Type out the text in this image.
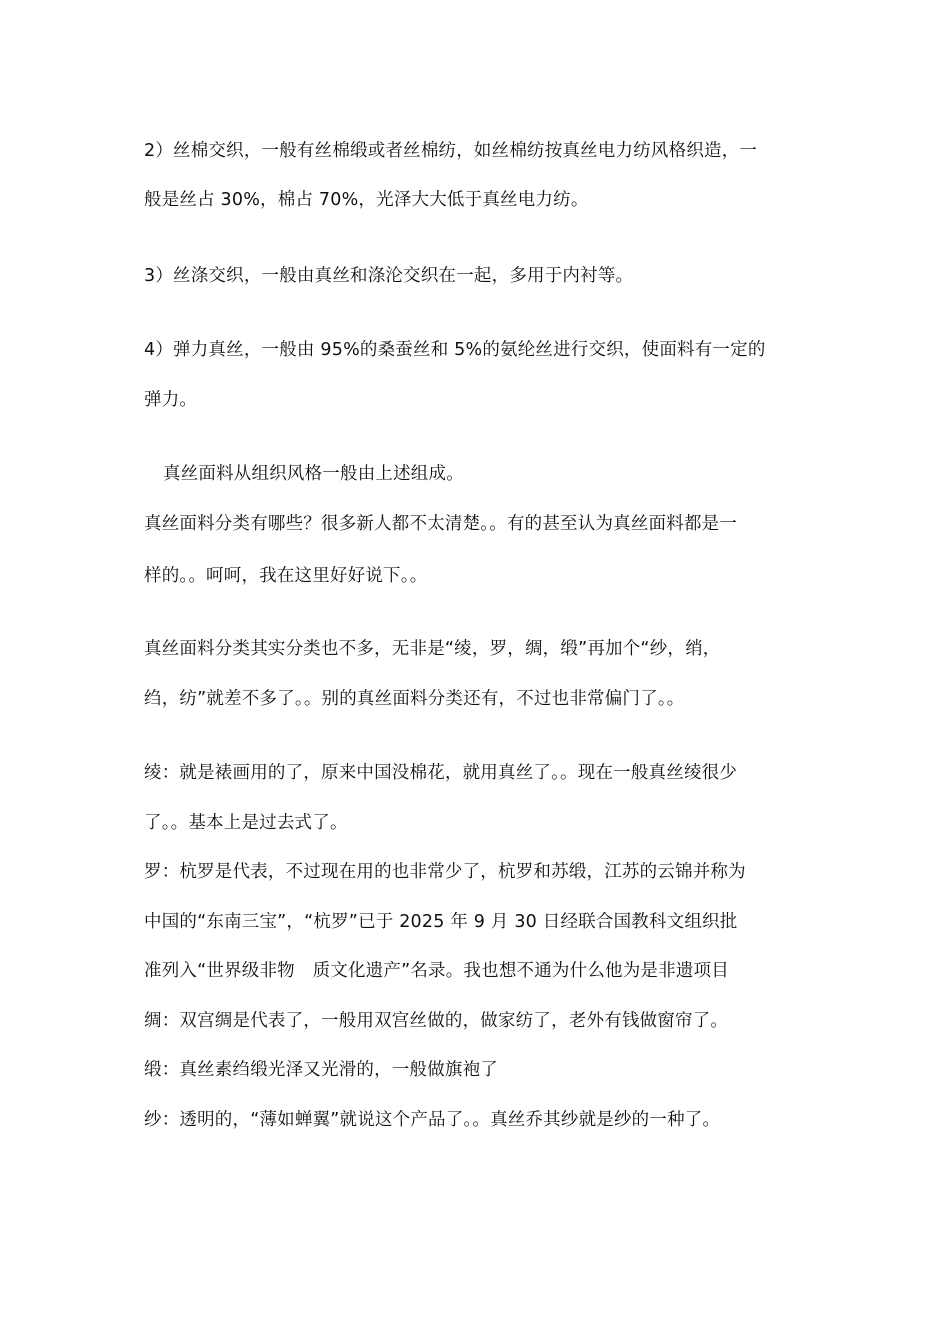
2）丝棉交织，一般有丝棉缎或者丝棉纺，如丝棉纺按真丝电力纺风格织造，一
般是丝占 30%，棉占 70%，光泽大大低于真丝电力纺。
3）丝涤交织，一般由真丝和涤沦交织在一起，多用于内衬等。
4）弹力真丝，一般由 95%的桑蚕丝和 5%的氨纶丝进行交织，使面料有一定的
弹力。
真丝面料从组织风格一般由上述组成。
真丝面料分类有哪些？很多新人都不太清楚。。有的甚至认为真丝面料都是一
样的。。呵呵，我在这里好好说下。。
真丝面料分类其实分类也不多，无非是“绫，罗，绸，缎”再加个“纱，绡，
绉，纺”就差不多了。。别的真丝面料分类还有，不过也非常偏门了。。
绫：就是裱画用的了，原来中国没棉花，就用真丝了。。现在一般真丝绫很少
了。。基本上是过去式了。
罗：杭罗是代表，不过现在用的也非常少了，杭罗和苏缎，江苏的云锦并称为
中国的“东南三宝”，“杭罗”已于 2025 年 9 月 30 日经联合国教科文组织批
准列入“世界级非物　质文化遗产”名录。我也想不通为什么他为是非遗项目
绸：双宫绸是代表了，一般用双宫丝做的，做家纺了，老外有钱做窗帘了。
缎：真丝素绉缎光泽又光滑的，一般做旗袍了
纱：透明的，“薄如蝉翼”就说这个产品了。。真丝乔其纱就是纱的一种了。
